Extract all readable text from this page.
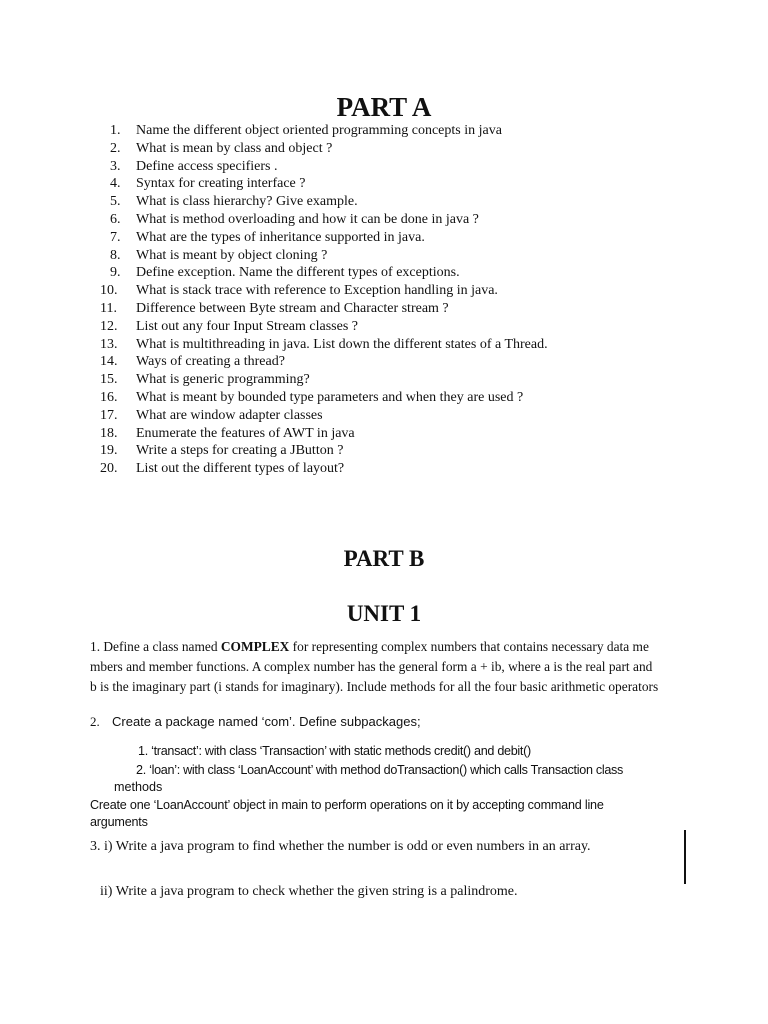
PART A
1.	Name the different object oriented programming concepts in java
2.	What is mean by class and object ?
3.	Define access specifiers .
4.	Syntax for creating interface ?
5.	What is class hierarchy? Give example.
6.	What is method overloading and how it can be done in java ?
7.	What are the types of inheritance supported in java.
8.	What is meant by object cloning ?
9.	Define exception. Name the different types of exceptions.
10.	What is stack trace with reference to Exception handling in java.
11.	Difference between Byte stream and Character stream ?
12.	List out any four Input Stream classes ?
13.	What is multithreading in java. List down the different states of a Thread.
14.	Ways of creating a thread?
15.	What is generic programming?
16.	What is meant by bounded type parameters and when they are used ?
17.	What are window adapter classes
18.	Enumerate the features of AWT in java
19.	Write a steps for creating a JButton ?
20.	List out the different types of layout?
PART B
UNIT 1
1. Define a class named COMPLEX for representing complex numbers that contains necessary data me
mbers and member functions. A complex number has the general form a + ib, where a is the real part and
b is the imaginary part (i stands for imaginary). Include methods for all the four basic arithmetic operators
2. Create a package named ‘com’. Define subpackages;
1. ‘transact’: with class ‘Transaction’ with static methods credit() and debit()
2. ‘loan’: with class ‘LoanAccount’ with method doTransaction() which calls Transaction class
methods
Create one ‘LoanAccount’ object in main to perform operations on it by accepting command line
arguments
3. i) Write a java program to find whether the number is odd or even numbers in an array.
ii) Write a java program to check whether the given string is a palindrome.
